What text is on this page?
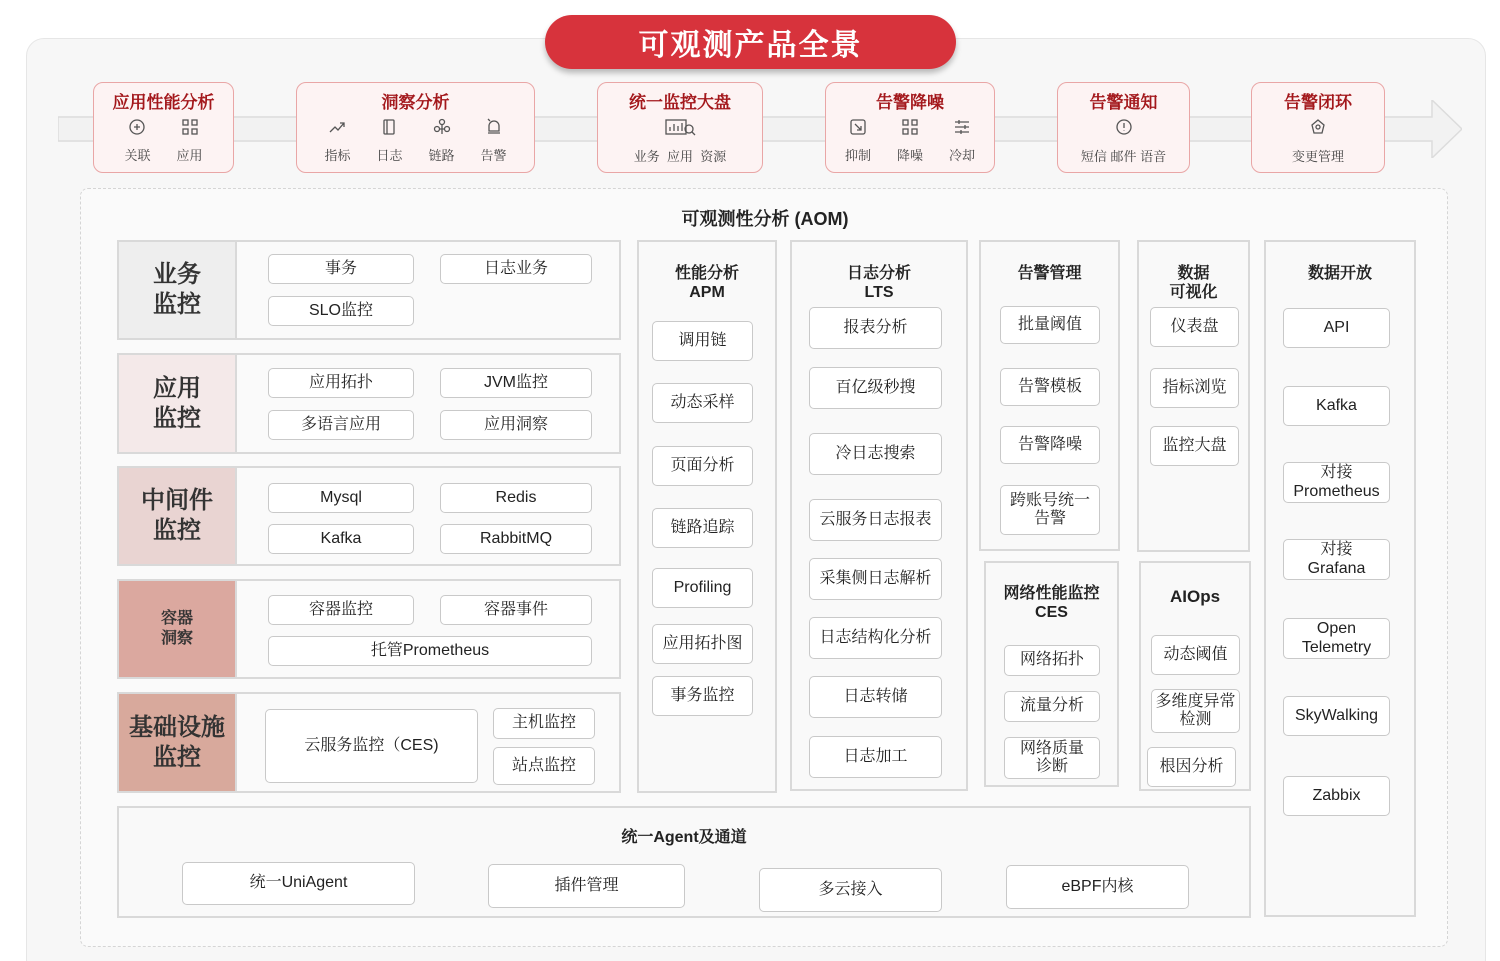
可观测产品全景
应用性能分析
关联 应用
洞察分析
指标 日志 链路 告警
统一监控大盘
业务  应用  资源
告警降噪
抑制 降噪 冷却
告警通知
短信 邮件 语音
告警闭环
变更管理
可观测性分析 (AOM)
业务
监控
事务	日志业务
SLO监控
应用
监控
应用拓扑	JVM监控
多语言应用	应用洞察
中间件
监控
Mysql	Redis
Kafka	RabbitMQ
容器
洞察
容器监控	容器事件
托管Prometheus
基础设施
监控	云服务监控（CES)
主机监控
站点监控
性能分析
APM
调用链
动态采样
页面分析
链路追踪
Profiling
应用拓扑图
事务监控
日志分析
LTS
报表分析
百亿级秒搜
冷日志搜索
云服务日志报表
采集侧日志解析
日志结构化分析
日志转储
日志加工
告警管理
批量阈值
告警模板
告警降噪
跨账号统一
告警
数据
可视化
仪表盘
指标浏览
监控大盘
网络性能监控
CES
网络拓扑
流量分析
网络质量
诊断
AIOps
动态阈值
多维度异常
检测
根因分析
数据开放
API
Kafka
对接
Prometheus
对接
Grafana
Open
Telemetry
SkyWalking
Zabbix
统一Agent及通道
统一UniAgent	插件管理	多云接入	eBPF内核
